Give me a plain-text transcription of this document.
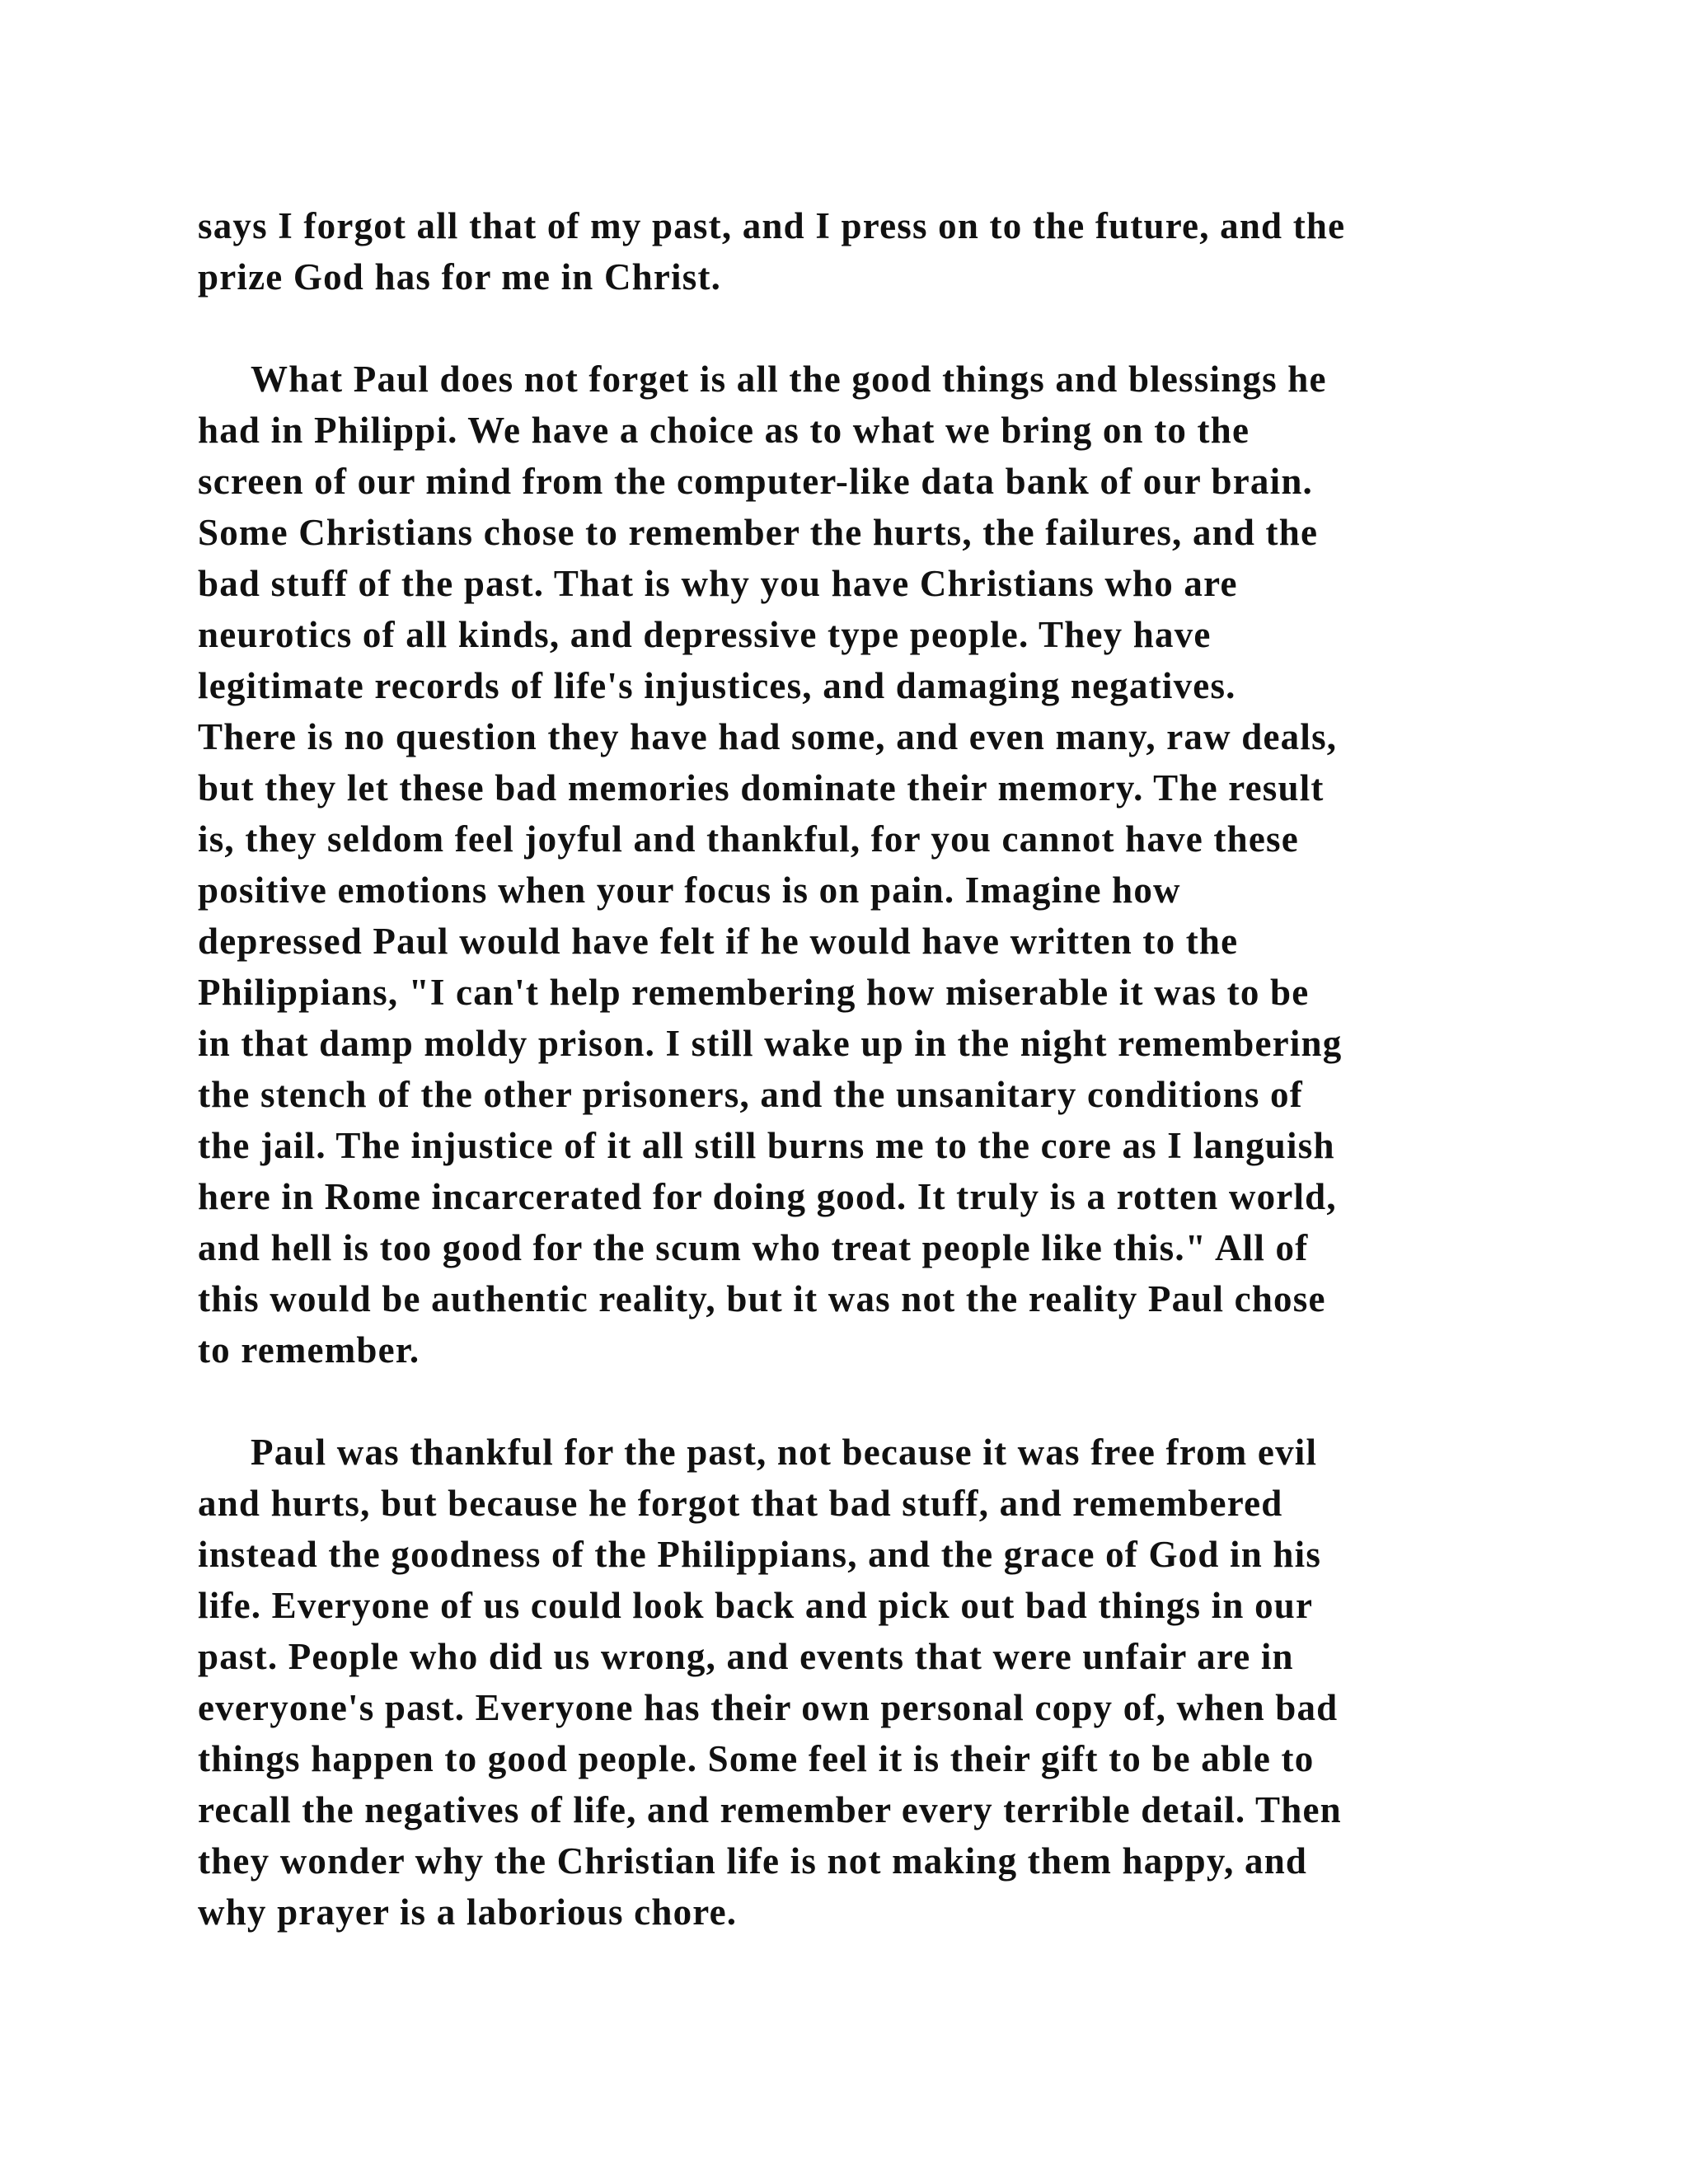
says I forgot all that of my past, and I press on to the future, and the
prize God has for me in Christ.
What Paul does not forget is all the good things and blessings he
had in Philippi. We have a choice as to what we bring on to the
screen of our mind from the computer-like data bank of our brain.
Some Christians chose to remember the hurts, the failures, and the
bad stuff of the past. That is why you have Christians who are
neurotics of all kinds, and depressive type people. They have
legitimate records of life's injustices, and damaging negatives.
There is no question they have had some, and even many, raw deals,
but they let these bad memories dominate their memory. The result
is, they seldom feel joyful and thankful, for you cannot have these
positive emotions when your focus is on pain. Imagine how
depressed Paul would have felt if he would have written to the
Philippians, "I can't help remembering how miserable it was to be
in that damp moldy prison. I still wake up in the night remembering
the stench of the other prisoners, and the unsanitary conditions of
the jail. The injustice of it all still burns me to the core as I languish
here in Rome incarcerated for doing good. It truly is a rotten world,
and hell is too good for the scum who treat people like this." All of
this would be authentic reality, but it was not the reality Paul chose
to remember.
Paul was thankful for the past, not because it was free from evil
and hurts, but because he forgot that bad stuff, and remembered
instead the goodness of the Philippians, and the grace of God in his
life. Everyone of us could look back and pick out bad things in our
past. People who did us wrong, and events that were unfair are in
everyone's past. Everyone has their own personal copy of, when bad
things happen to good people. Some feel it is their gift to be able to
recall the negatives of life, and remember every terrible detail. Then
they wonder why the Christian life is not making them happy, and
why prayer is a laborious chore.
